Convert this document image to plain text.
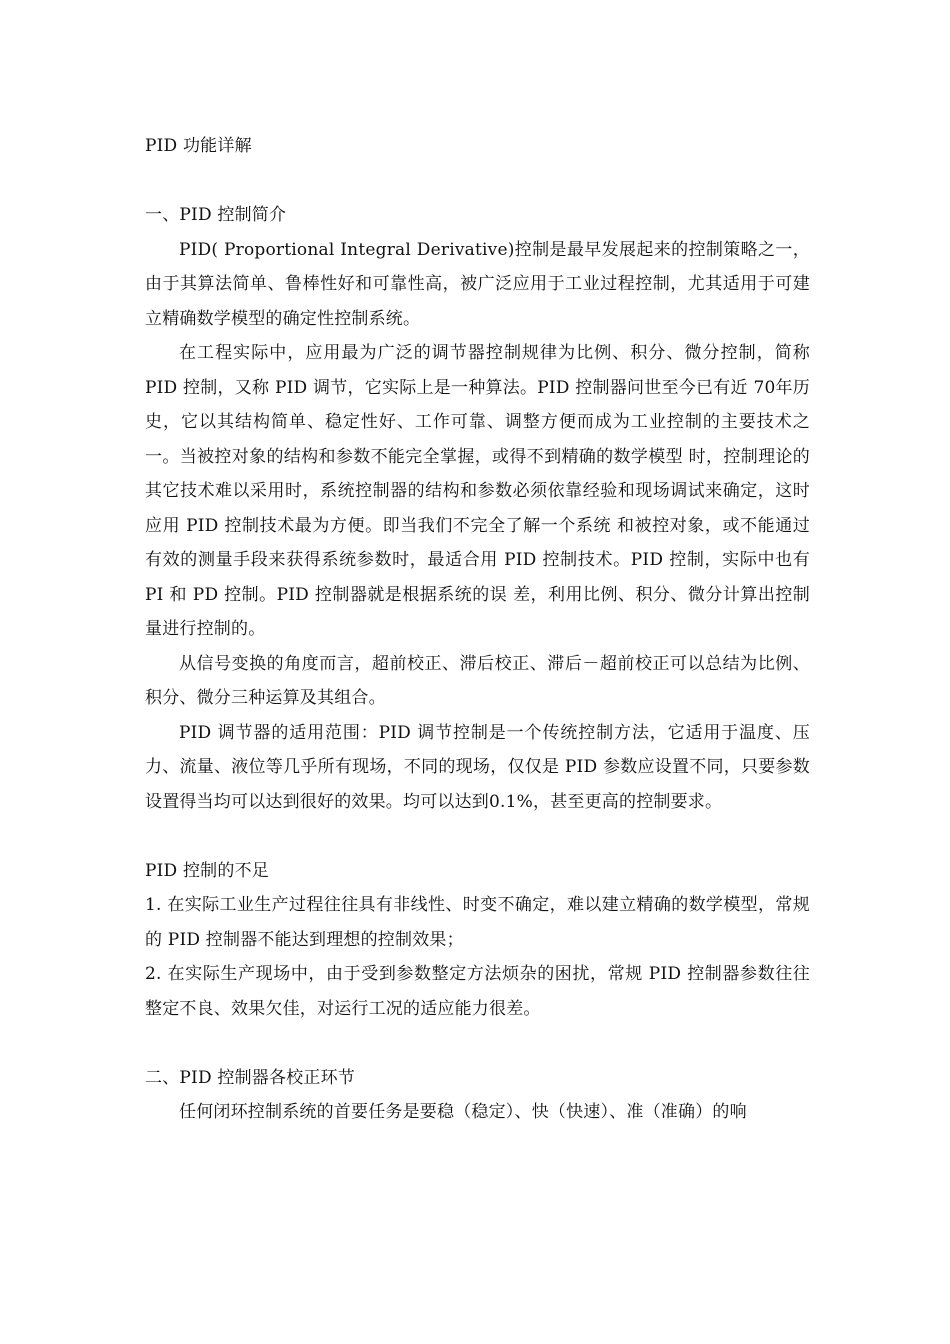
PID 功能详解

一、PID 控制简介

PID( Proportional Integral Derivative)控制是最早发展起来的控制策略之一，由于其算法简单、鲁棒性好和可靠性高，被广泛应用于工业过程控制，尤其适用于可建立精确数学模型的确定性控制系统。

在工程实际中，应用最为广泛的调节器控制规律为比例、积分、微分控制，简称 PID 控制，又称 PID 调节，它实际上是一种算法。PID 控制器问世至今已有近 70年历史，它以其结构简单、稳定性好、工作可靠、调整方便而成为工业控制的主要技术之一。当被控对象的结构和参数不能完全掌握，或得不到精确的数学模型 时，控制理论的其它技术难以采用时，系统控制器的结构和参数必须依靠经验和现场调试来确定，这时应用 PID 控制技术最为方便。即当我们不完全了解一个系统 和被控对象，或不能通过有效的测量手段来获得系统参数时，最适合用 PID 控制技术。PID 控制，实际中也有 PI 和 PD 控制。PID 控制器就是根据系统的误 差，利用比例、积分、微分计算出控制量进行控制的。

从信号变换的角度而言，超前校正、滞后校正、滞后－超前校正可以总结为比例、积分、微分三种运算及其组合。

PID 调节器的适用范围：PID 调节控制是一个传统控制方法，它适用于温度、压力、流量、液位等几乎所有现场，不同的现场，仅仅是 PID 参数应设置不同，只要参数设置得当均可以达到很好的效果。均可以达到0.1%，甚至更高的控制要求。

PID 控制的不足

1. 在实际工业生产过程往往具有非线性、时变不确定，难以建立精确的数学模型，常规的 PID 控制器不能达到理想的控制效果；

2. 在实际生产现场中，由于受到参数整定方法烦杂的困扰，常规 PID 控制器参数往往整定不良、效果欠佳，对运行工况的适应能力很差。

二、PID 控制器各校正环节

任何闭环控制系统的首要任务是要稳（稳定）、快（快速）、准（准确）的响
